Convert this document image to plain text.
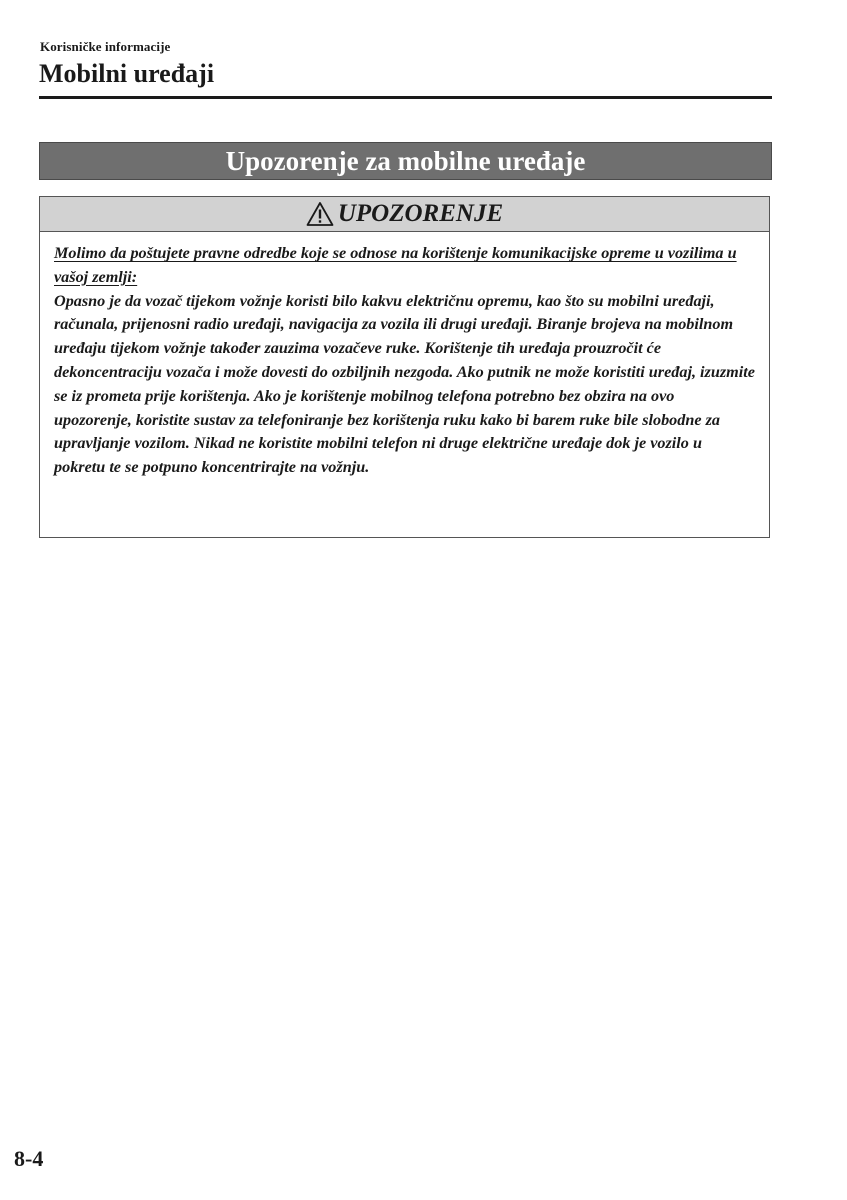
Korisničke informacije
Mobilni uređaji
Upozorenje za mobilne uređaje
UPOZORENJE

Molimo da poštujete pravne odredbe koje se odnose na korištenje komunikacijske opreme u vozilima u vašoj zemlji:

Opasno je da vozač tijekom vožnje koristi bilo kakvu električnu opremu, kao što su mobilni uređaji, računala, prijenosni radio uređaji, navigacija za vozila ili drugi uređaji. Biranje brojeva na mobilnom uređaju tijekom vožnje također zauzima vozačeve ruke. Korištenje tih uređaja prouzročit će dekoncentraciju vozača i može dovesti do ozbiljnih nezgoda. Ako putnik ne može koristiti uređaj, izuzmite se iz prometa prije korištenja. Ako je korištenje mobilnog telefona potrebno bez obzira na ovo upozorenje, koristite sustav za telefoniranje bez korištenja ruku kako bi barem ruke bile slobodne za upravljanje vozilom. Nikad ne koristite mobilni telefon ni druge električne uređaje dok je vozilo u pokretu te se potpuno koncentrirajte na vožnju.

8-4
